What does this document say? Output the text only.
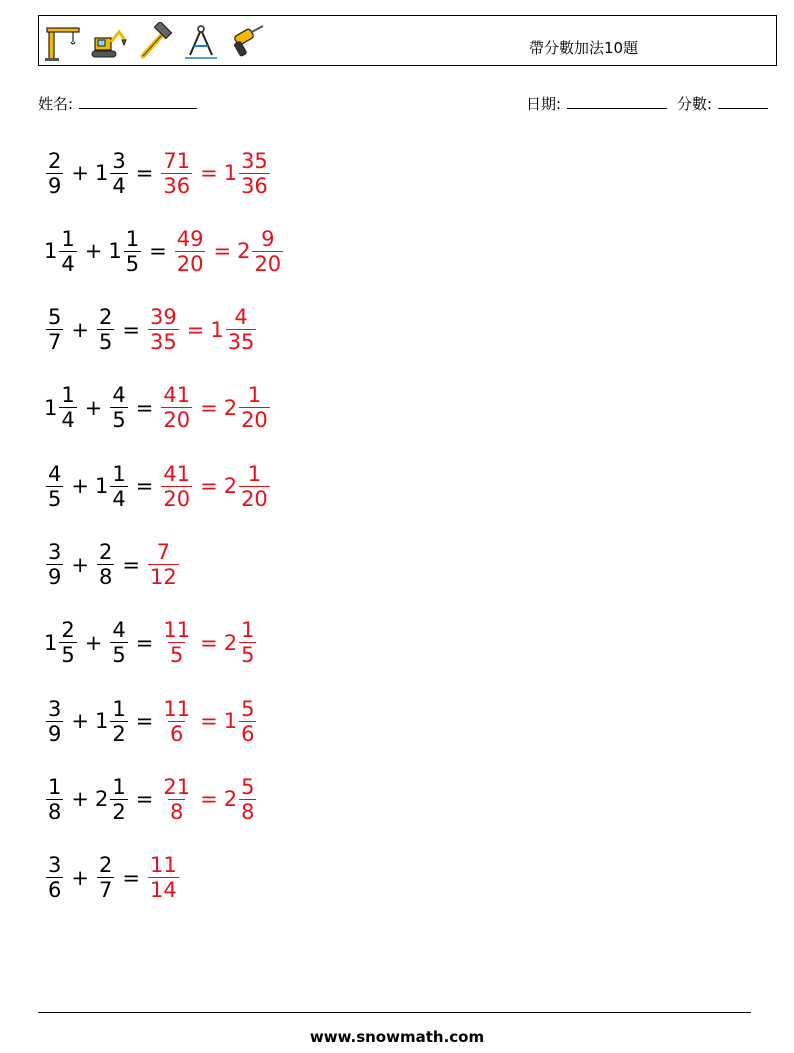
帶分數加法10題
姓名:	日期:	分數:
$\frac{2}{9} + 1 \frac{3}{4} = \frac{71}{36} = 1 \frac{35}{36}$
$1 \frac{1}{4} + 1 \frac{1}{5} = \frac{49}{20} = 2 \frac{9}{20}$
$\frac{5}{7} + \frac{2}{5} = \frac{39}{35} = 1 \frac{4}{35}$
$1 \frac{1}{4} + \frac{4}{5} = \frac{41}{20} = 2 \frac{1}{20}$
$\frac{4}{5} + 1 \frac{1}{4} = \frac{41}{20} = 2 \frac{1}{20}$
$\frac{3}{9} + \frac{2}{8} = \frac{7}{12}$
$1 \frac{2}{5} + \frac{4}{5} = \frac{11}{5} = 2 \frac{1}{5}$
$\frac{3}{9} + 1 \frac{1}{2} = \frac{11}{6} = 1 \frac{5}{6}$
$\frac{1}{8} + 2 \frac{1}{2} = \frac{21}{8} = 2 \frac{5}{8}$
$\frac{3}{6} + \frac{2}{7} = \frac{11}{14}$
www.snowmath.com
